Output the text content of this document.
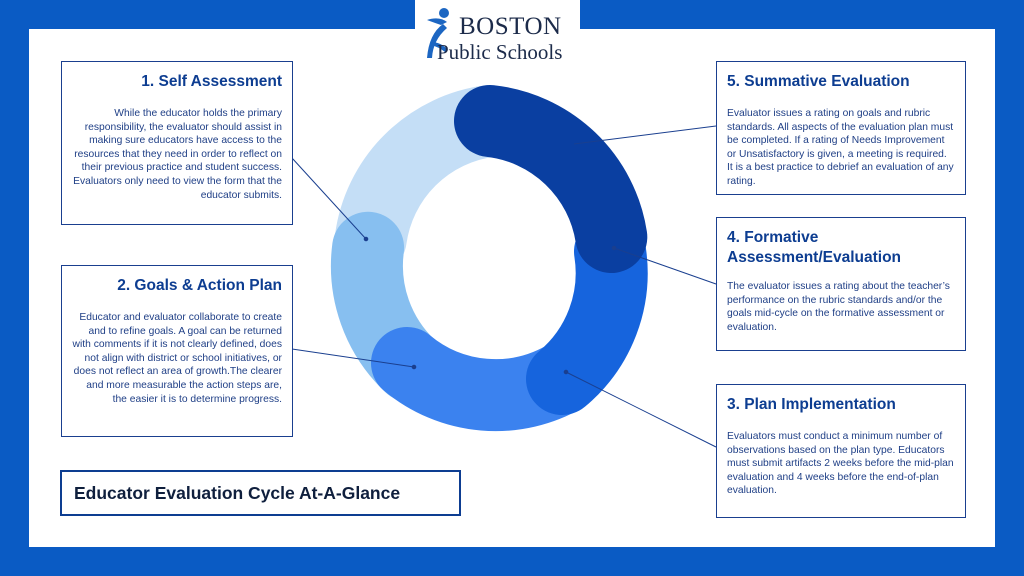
BOSTON
Public Schools
1. Self Assessment

While the educator holds the primary responsibility, the evaluator should assist in making sure educators have access to the resources that they need in order to reflect on their previous practice and student success. Evaluators only need to view the form that the educator submits.

2. Goals & Action Plan

Educator and evaluator collaborate to create and to refine goals. A goal can be returned with comments if it is not clearly defined, does not align with district or school initiatives, or does not reflect an area of growth.The clearer and more measurable the action steps are, the easier it is to determine progress.

5. Summative Evaluation

Evaluator issues a rating on goals and rubric standards. All aspects of the evaluation plan must be completed. If a rating of Needs Improvement or Unsatisfactory is given, a meeting is required. It is a best practice to debrief an evaluation of any rating.

4. Formative Assessment/Evaluation

The evaluator issues a rating about the teacher’s performance on the rubric standards and/or the goals mid-cycle on the formative assessment or evaluation.

3. Plan Implementation

Evaluators must conduct a minimum number of observations based on the plan type. Educators must submit artifacts 2 weeks before the mid-plan evaluation and 4 weeks before the end-of-plan evaluation.

Educator Evaluation Cycle At-A-Glance
